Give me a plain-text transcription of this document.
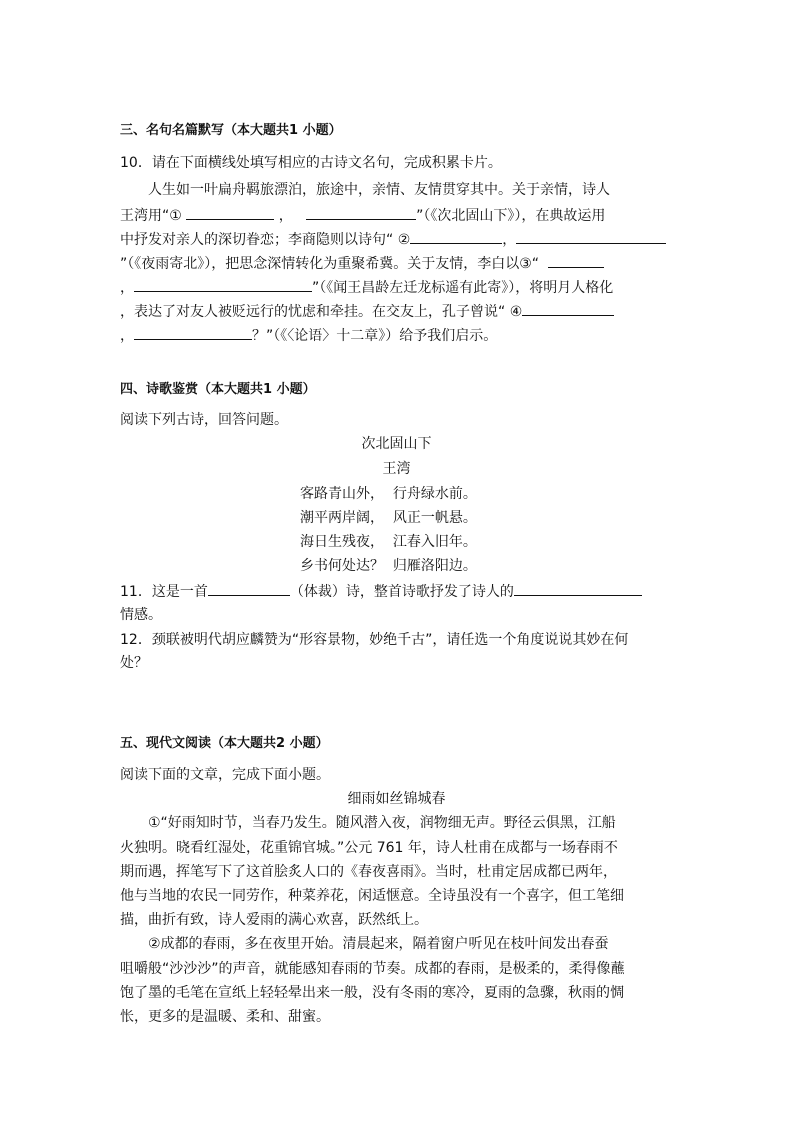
三、名句名篇默写（本大题共1 小题）
10．请在下面横线处填写相应的古诗文名句，完成积累卡片。
人生如一叶扁舟羁旅漂泊，旅途中，亲情、友情贯穿其中。关于亲情，诗人
王湾用“①	，	”（《次北固山下》），在典故运用
中抒发对亲人的深切眷恋；李商隐则以诗句“ ②	，
”（《夜雨寄北》），把思念深情转化为重聚希冀。关于友情，李白以③“
，	”（《闻王昌龄左迁龙标遥有此寄》），将明月人格化
，表达了对友人被贬远行的忧虑和牵挂。在交友上，孔子曾说“ ④
，	？”（《〈论语〉十二章》）给予我们启示。
四、诗歌鉴赏（本大题共1 小题）
阅读下列古诗，回答问题。
次北固山下
王湾
客路青山外，  行舟绿水前。
潮平两岸阔，  风正一帆悬。
海日生残夜，  江春入旧年。
乡书何处达？  归雁洛阳边。
11．这是一首	（体裁）诗，整首诗歌抒发了诗人的
情感。
12．颈联被明代胡应麟赞为“形容景物，妙绝千古”，请任选一个角度说说其妙在何
处？
五、现代文阅读（本大题共2 小题）
阅读下面的文章，完成下面小题。
细雨如丝锦城春
①“好雨知时节，当春乃发生。随风潜入夜，润物细无声。野径云俱黑，江船
火独明。晓看红湿处，花重锦官城。”公元 761 年，诗人杜甫在成都与一场春雨不
期而遇，挥笔写下了这首脍炙人口的《春夜喜雨》。当时，杜甫定居成都已两年，
他与当地的农民一同劳作，种菜养花，闲适惬意。全诗虽没有一个喜字，但工笔细
描，曲折有致，诗人爱雨的满心欢喜，跃然纸上。
②成都的春雨，多在夜里开始。清晨起来，隔着窗户听见在枝叶间发出春蚕
咀嚼般“沙沙沙”的声音，就能感知春雨的节奏。成都的春雨，是极柔的，柔得像蘸
饱了墨的毛笔在宣纸上轻轻晕出来一般，没有冬雨的寒冷，夏雨的急骤，秋雨的惆
怅，更多的是温暖、柔和、甜蜜。
